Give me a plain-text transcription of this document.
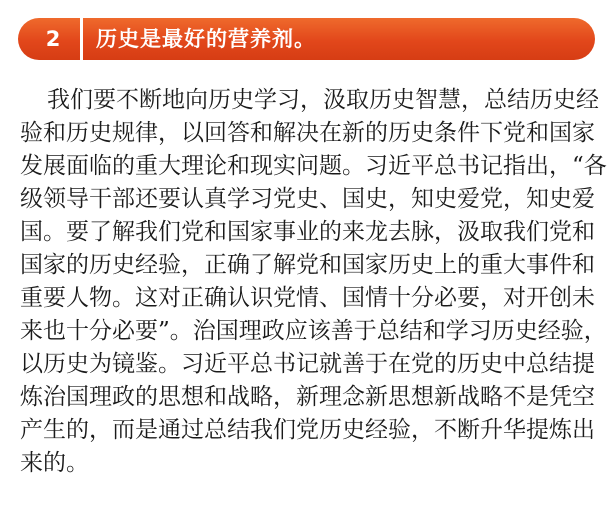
2	历史是最好的营养剂。
我们要不断地向历史学习，汲取历史智慧，总结历史经
验和历史规律，以回答和解决在新的历史条件下党和国家
发展面临的重大理论和现实问题。习近平总书记指出，“各
级领导干部还要认真学习党史、国史，知史爱党，知史爱
国。要了解我们党和国家事业的来龙去脉，汲取我们党和
国家的历史经验，正确了解党和国家历史上的重大事件和
重要人物。这对正确认识党情、国情十分必要，对开创未
来也十分必要”。治国理政应该善于总结和学习历史经验，
以历史为镜鉴。习近平总书记就善于在党的历史中总结提
炼治国理政的思想和战略，新理念新思想新战略不是凭空
产生的，而是通过总结我们党历史经验，不断升华提炼出
来的。
